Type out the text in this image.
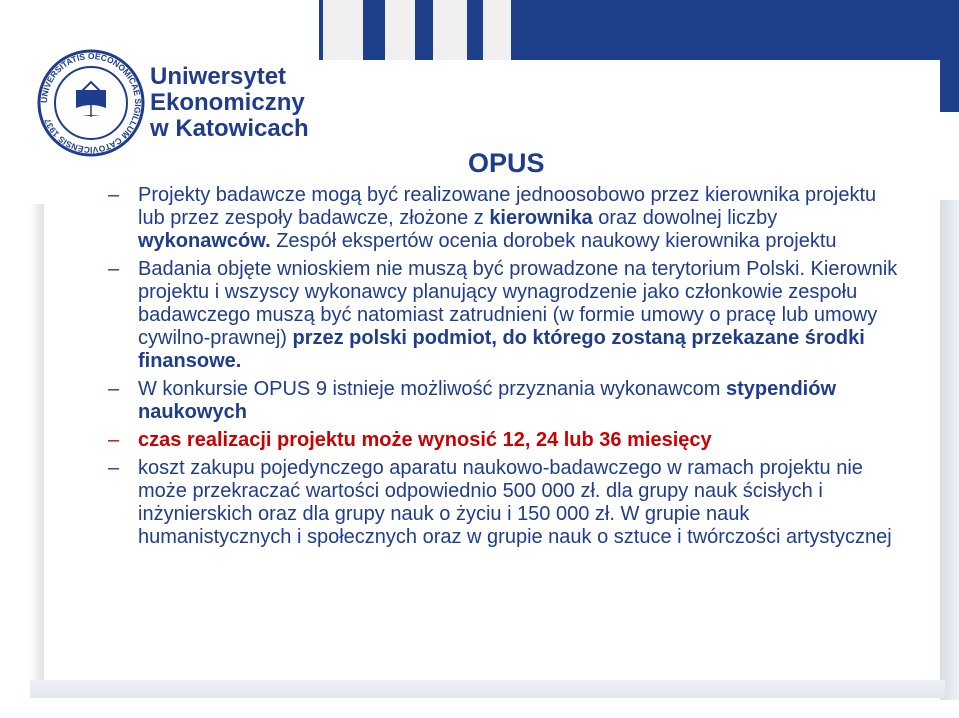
UNIVERSITATIS OECONOMICAE SIGILLUM CATOVICENSIS 1937
Uniwersytet
Ekonomiczny
w Katowicach
OPUS
– Projekty badawcze mogą być realizowane jednoosobowo przez kierownika projektu lub przez zespoły badawcze, złożone z kierownika oraz dowolnej liczby wykonawców. Zespół ekspertów ocenia dorobek naukowy kierownika projektu
– Badania objęte wnioskiem nie muszą być prowadzone na terytorium Polski. Kierownik projektu i wszyscy wykonawcy planujący wynagrodzenie jako członkowie zespołu badawczego muszą być natomiast zatrudnieni (w formie umowy o pracę lub umowy cywilno-prawnej) przez polski podmiot, do którego zostaną przekazane środki finansowe.
– W konkursie OPUS 9 istnieje możliwość przyznania wykonawcom stypendiów naukowych
– czas realizacji projektu może wynosić 12, 24 lub 36 miesięcy
– koszt zakupu pojedynczego aparatu naukowo-badawczego w ramach projektu nie może przekraczać wartości odpowiednio 500 000 zł. dla grupy nauk ścisłych i inżynierskich oraz dla grupy nauk o życiu i 150 000 zł. W grupie nauk humanistycznych i społecznych oraz w grupie nauk o sztuce i twórczości artystycznej
